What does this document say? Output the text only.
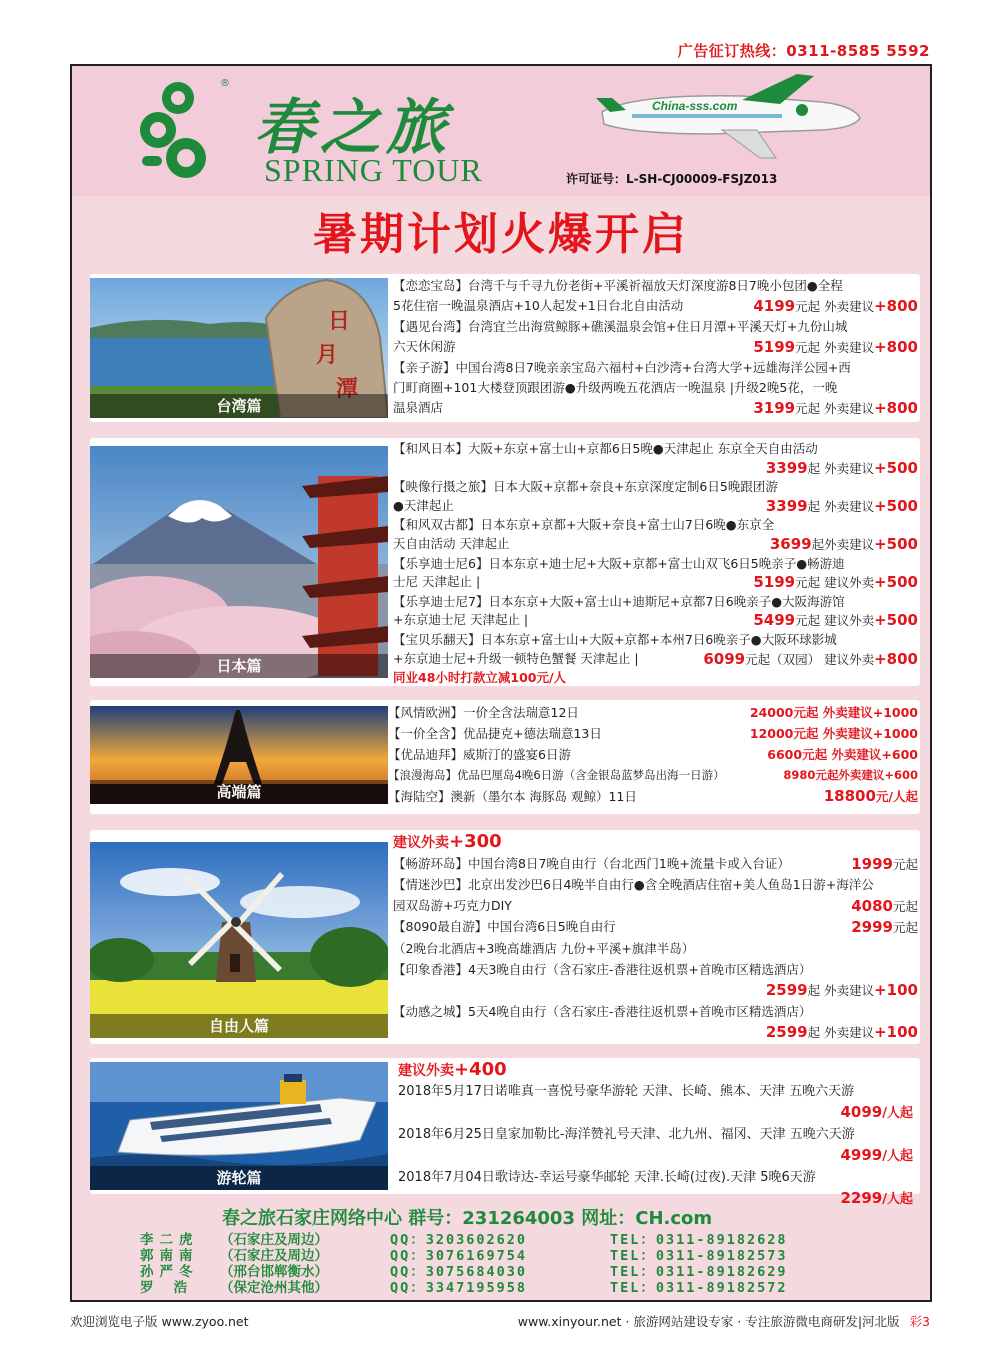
广告征订热线：0311-8585 5592
®
春之旅
SPRING TOUR
China-sss.com
许可证号：L-SH-CJ00009-FSJZ013
暑期计划火爆开启
日
月
潭
台湾篇
【恋恋宝岛】台湾千与千寻九份老街+平溪祈福放天灯深度游8日7晚小包团●全程
5花住宿一晚温泉酒店+10人起发+1日台北自由活动	4199元起 外卖建议+800
【遇见台湾】台湾宜兰出海赏鲸豚+礁溪温泉会馆+住日月潭+平溪天灯+九份山城
六天休闲游	5199元起 外卖建议+800
【亲子游】中国台湾8日7晚亲亲宝岛六福村+白沙湾+台湾大学+远雄海洋公园+西
门町商圈+101大楼登顶跟团游●升级两晚五花酒店一晚温泉 |升级2晚5花，一晚
温泉酒店	3199元起 外卖建议+800
日本篇
【和风日本】大阪+东京+富士山+京都6日5晚●天津起止 东京全天自由活动
3399起 外卖建议+500
【映像行摄之旅】日本大阪+京都+奈良+东京深度定制6日5晚跟团游
●天津起止	3399起 外卖建议+500
【和风双古都】日本东京+京都+大阪+奈良+富士山7日6晚●东京全
天自由活动 天津起止	3699起外卖建议+500
【乐享迪士尼6】日本东京+迪士尼+大阪+京都+富士山双飞6日5晚亲子●畅游迪
士尼 天津起止 |	5199元起 建议外卖+500
【乐享迪士尼7】日本东京+大阪+富士山+迪斯尼+京都7日6晚亲子●大阪海游馆
+东京迪士尼 天津起止 |	5499元起 建议外卖+500
【宝贝乐翻天】日本东京+富士山+大阪+京都+本州7日6晚亲子●大阪环球影城
+东京迪士尼+升级一顿特色蟹餐 天津起止 |	6099元起（双园） 建议外卖+800
同业48小时打款立减100元/人
高端篇
【风情欧洲】一价全含法瑞意12日	24000元起 外卖建议+1000
【一价全含】优品捷克+德法瑞意13日	12000元起 外卖建议+1000
【优品迪拜】威斯汀的盛宴6日游	6600元起 外卖建议+600
【浪漫海岛】优品巴厘岛4晚6日游（含金银岛蓝梦岛出海一日游）	8980元起外卖建议+600
【海陆空】澳新（墨尔本 海豚岛 观鲸）11日	18800元/人起
自由人篇
建议外卖+300
【畅游环岛】中国台湾8日7晚自由行（台北西门1晚+流量卡或入台证）	1999元起
【情迷沙巴】北京出发沙巴6日4晚半自由行●含全晚酒店住宿+美人鱼岛1日游+海洋公
园双岛游+巧克力DIY	4080元起
【8090最自游】中国台湾6日5晚自由行	2999元起
（2晚台北酒店+3晚高雄酒店 九份+平溪+旗津半岛）
【印象香港】4天3晚自由行（含石家庄-香港往返机票+首晚市区精选酒店）
2599起 外卖建议+100
【动感之城】5天4晚自由行（含石家庄-香港往返机票+首晚市区精选酒店）
2599起 外卖建议+100
游轮篇
建议外卖+400
2018年5月17日诺唯真一喜悦号豪华游轮 天津、长崎、熊本、天津 五晚六天游
4099/人起
2018年6月25日皇家加勒比-海洋赞礼号天津、北九州、福冈、天津 五晚六天游
4999/人起
2018年7月04日歌诗达-幸运号豪华邮轮 天津.长崎(过夜).天津 5晚6天游
2299/人起
春之旅石家庄网络中心 群号：231264003 网址：CH.com
李二虎	（石家庄及周边）	QQ：3203602620	TEL：0311-89182628
郭南南	（石家庄及周边）	QQ：3076169754	TEL：0311-89182573
孙严冬	（邢台邯郸衡水）	QQ：3075684030	TEL：0311-89182629
罗 浩	（保定沧州其他）	QQ：3347195958	TEL：0311-89182572
欢迎浏览电子版 www.zyoo.net	www.xinyour.net · 旅游网站建设专家 · 专注旅游微电商研发|河北版 彩3
